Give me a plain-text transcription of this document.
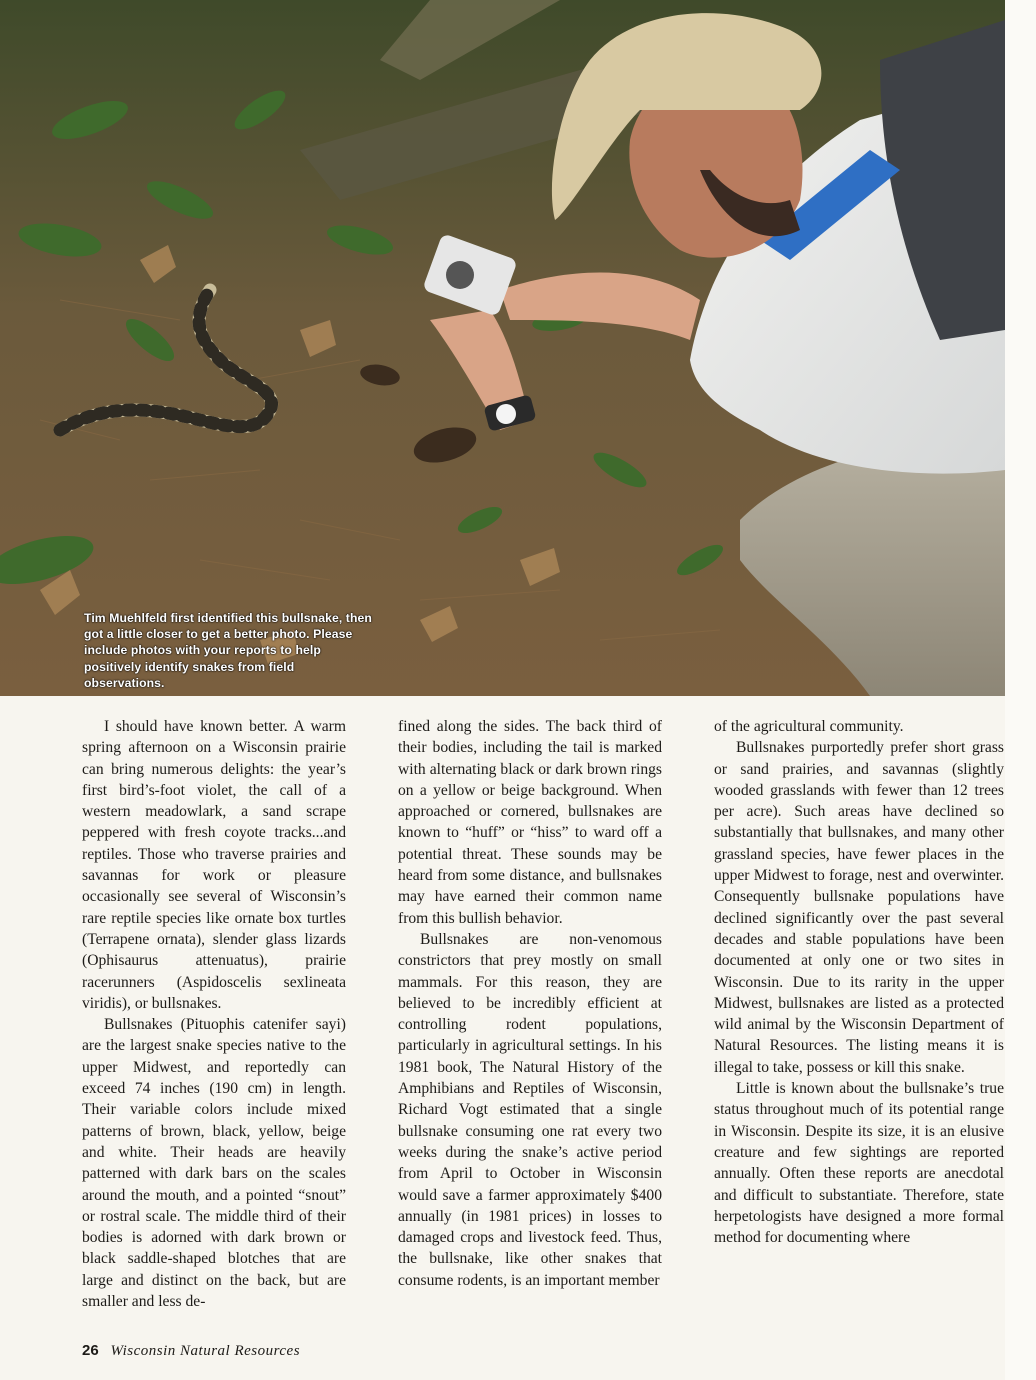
Tim Muehlfeld first identified this bullsnake, then got a little closer to get a better photo. Please include photos with your reports to help positively identify snakes from field observations.

I should have known better. A warm spring afternoon on a Wisconsin prairie can bring numerous delights: the year’s first bird’s-foot violet, the call of a western meadowlark, a sand scrape peppered with fresh coyote tracks...and reptiles. Those who traverse prairies and savannas for work or pleasure occasionally see several of Wisconsin’s rare reptile species like ornate box turtles (Terrapene ornata), slender glass lizards (Ophisaurus attenuatus), prairie racerunners (Aspidoscelis sexlineata viridis), or bullsnakes.

Bullsnakes (Pituophis catenifer sayi) are the largest snake species native to the upper Midwest, and reportedly can exceed 74 inches (190 cm) in length. Their variable colors include mixed patterns of brown, black, yellow, beige and white. Their heads are heavily patterned with dark bars on the scales around the mouth, and a pointed “snout” or rostral scale. The middle third of their bodies is adorned with dark brown or black saddle-shaped blotches that are large and distinct on the back, but are smaller and less de-

fined along the sides. The back third of their bodies, including the tail is marked with alternating black or dark brown rings on a yellow or beige background. When approached or cornered, bullsnakes are known to “huff” or “hiss” to ward off a potential threat. These sounds may be heard from some distance, and bullsnakes may have earned their common name from this bullish behavior.

Bullsnakes are non-venomous constrictors that prey mostly on small mammals. For this reason, they are believed to be incredibly efficient at controlling rodent populations, particularly in agricultural settings. In his 1981 book, The Natural History of the Amphibians and Reptiles of Wisconsin, Richard Vogt estimated that a single bullsnake consuming one rat every two weeks during the snake’s active period from April to October in Wisconsin would save a farmer approximately $400 annually (in 1981 prices) in losses to damaged crops and livestock feed. Thus, the bullsnake, like other snakes that consume rodents, is an important member

of the agricultural community.

Bullsnakes purportedly prefer short grass or sand prairies, and savannas (slightly wooded grasslands with fewer than 12 trees per acre). Such areas have declined so substantially that bullsnakes, and many other grassland species, have fewer places in the upper Midwest to forage, nest and overwinter. Consequently bullsnake populations have declined significantly over the past several decades and stable populations have been documented at only one or two sites in Wisconsin. Due to its rarity in the upper Midwest, bullsnakes are listed as a protected wild animal by the Wisconsin Department of Natural Resources. The listing means it is illegal to take, possess or kill this snake.

Little is known about the bullsnake’s true status throughout much of its potential range in Wisconsin. Despite its size, it is an elusive creature and few sightings are reported annually. Often these reports are anecdotal and difficult to substantiate. Therefore, state herpetologists have designed a more formal method for documenting where

26 Wisconsin Natural Resources
